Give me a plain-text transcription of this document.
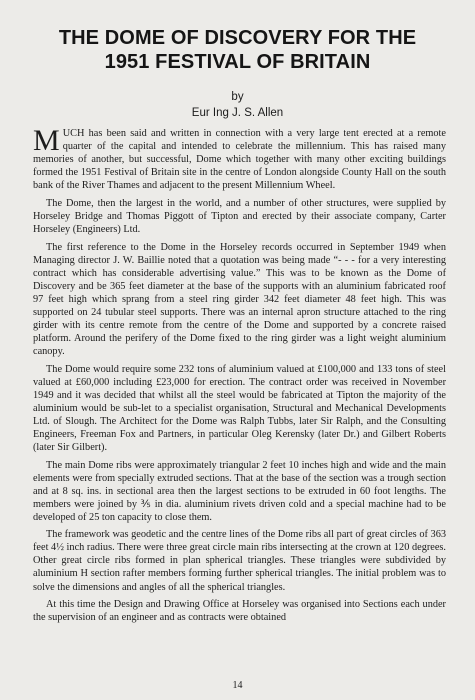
THE DOME OF DISCOVERY FOR THE
1951 FESTIVAL OF BRITAIN
by
Eur Ing J. S. Allen

MUCH has been said and written in connection with a very large tent erected at a remote quarter of the capital and intended to celebrate the millennium. This has raised many memories of another, but successful, Dome which together with many other exciting buildings formed the 1951 Festival of Britain site in the centre of London alongside County Hall on the south bank of the River Thames and adjacent to the present Millennium Wheel.

The Dome, then the largest in the world, and a number of other structures, were supplied by Horseley Bridge and Thomas Piggott of Tipton and erected by their associate company, Carter Horseley (Engineers) Ltd.

The first reference to the Dome in the Horseley records occurred in September 1949 when Managing director J. W. Baillie noted that a quotation was being made “- - - for a very interesting contract which has considerable advertising value.” This was to be known as the Dome of Discovery and be 365 feet diameter at the base of the supports with an aluminium fabricated roof 97 feet high which sprang from a steel ring girder 342 feet diameter 48 feet high. This was supported on 24 tubular steel supports. There was an internal apron structure attached to the ring girder with its centre remote from the centre of the Dome and supported by a concrete raised platform. Around the perifery of the Dome fixed to the ring girder was a light weight aluminium canopy.

The Dome would require some 232 tons of aluminium valued at £100,000 and 133 tons of steel valued at £60,000 including £23,000 for erection. The contract order was received in November 1949 and it was decided that whilst all the steel would be fabricated at Tipton the majority of the aluminium would be sub-let to a specialist organisation, Structural and Mechanical Developments Ltd. of Slough. The Architect for the Dome was Ralph Tubbs, later Sir Ralph, and the Consulting Engineers, Freeman Fox and Partners, in particular Oleg Kerensky (later Dr.) and Gilbert Roberts (later Sir Gilbert).

The main Dome ribs were approximately triangular 2 feet 10 inches high and wide and the main elements were from specially extruded sections. That at the base of the section was a trough section and at 8 sq. ins. in sectional area then the largest sections to be extruded in 60 foot lengths. The members were joined by ⅗ in dia. aluminium rivets driven cold and a special machine had to be developed of 25 ton capacity to close them.

The framework was geodetic and the centre lines of the Dome ribs all part of great circles of 363 feet 4½ inch radius. There were three great circle main ribs intersecting at the crown at 120 degrees. Other great circle ribs formed in plan spherical triangles. These triangles were subdivided by aluminium H section rafter members forming further spherical triangles. The initial problem was to solve the dimensions and angles of all the spherical triangles.

At this time the Design and Drawing Office at Horseley was organised into Sections each under the supervision of an engineer and as contracts were obtained

14
